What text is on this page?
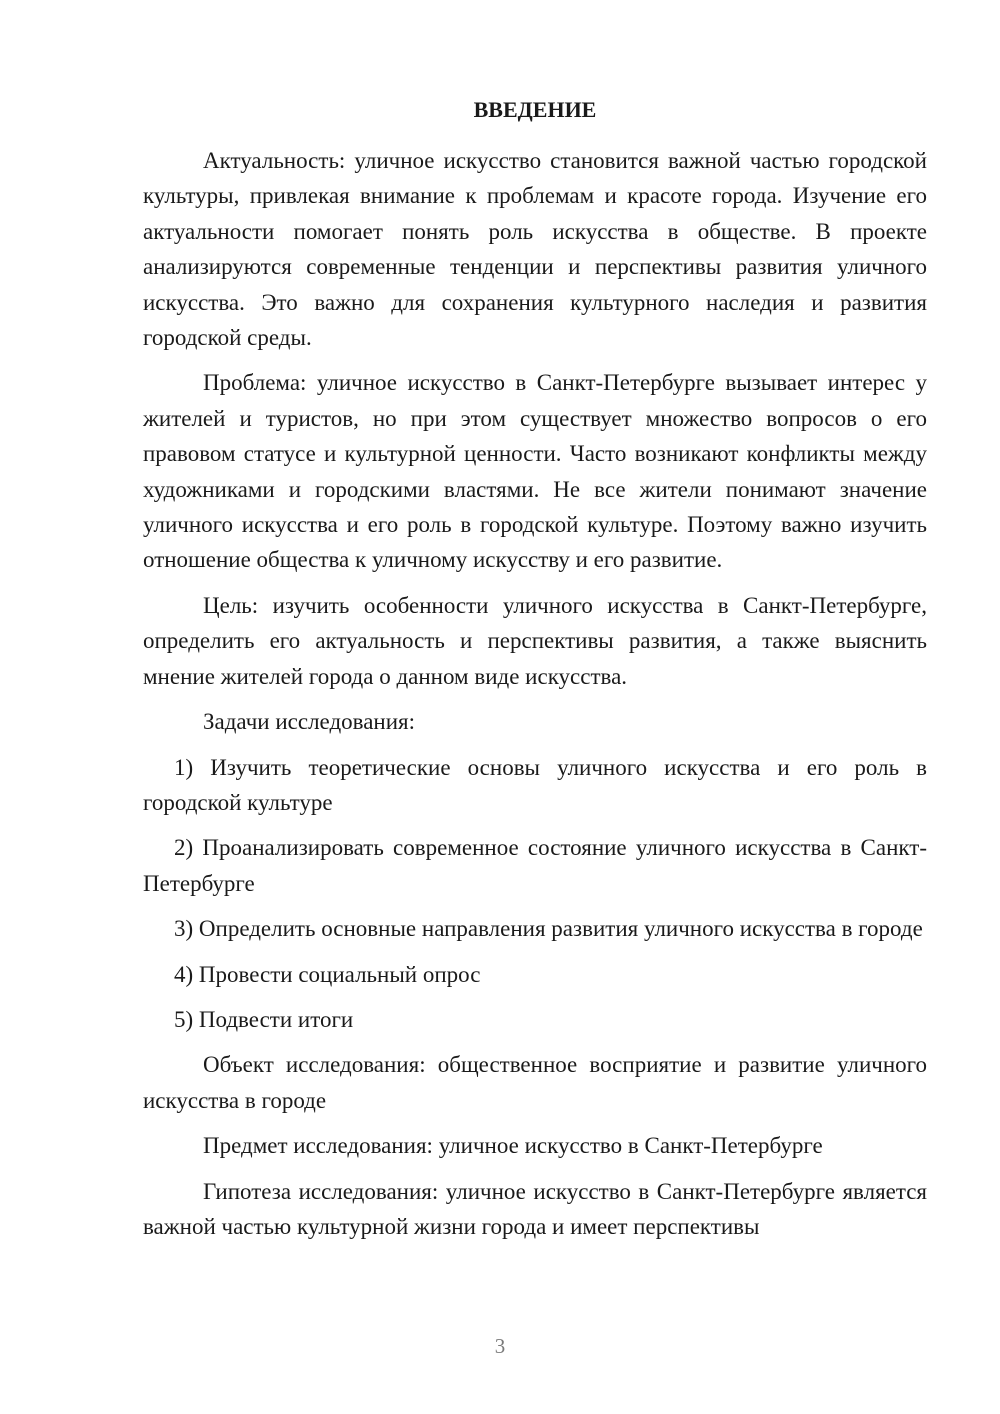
ВВЕДЕНИЕ

Актуальность: уличное искусство становится важной частью городской культуры, привлекая внимание к проблемам и красоте города. Изучение его актуальности помогает понять роль искусства в обществе. В проекте анализируются современные тенденции и перспективы развития уличного искусства. Это важно для сохранения культурного наследия и развития городской среды.

Проблема: уличное искусство в Санкт-Петербурге вызывает интерес у жителей и туристов, но при этом существует множество вопросов о его правовом статусе и культурной ценности. Часто возникают конфликты между художниками и городскими властями. Не все жители понимают значение уличного искусства и его роль в городской культуре. Поэтому важно изучить отношение общества к уличному искусству и его развитие.

Цель: изучить особенности уличного искусства в Санкт-Петербурге, определить его актуальность и перспективы развития, а также выяснить мнение жителей города о данном виде искусства.

Задачи исследования:

1) Изучить теоретические основы уличного искусства и его роль в городской культуре

2) Проанализировать современное состояние уличного искусства в Санкт-Петербурге

3) Определить основные направления развития уличного искусства в городе

4) Провести социальный опрос

5) Подвести итоги

Объект исследования: общественное восприятие и развитие уличного искусства в городе

Предмет исследования: уличное искусство в Санкт-Петербурге

Гипотеза исследования: уличное искусство в Санкт-Петербурге является важной частью культурной жизни города и имеет перспективы

3
